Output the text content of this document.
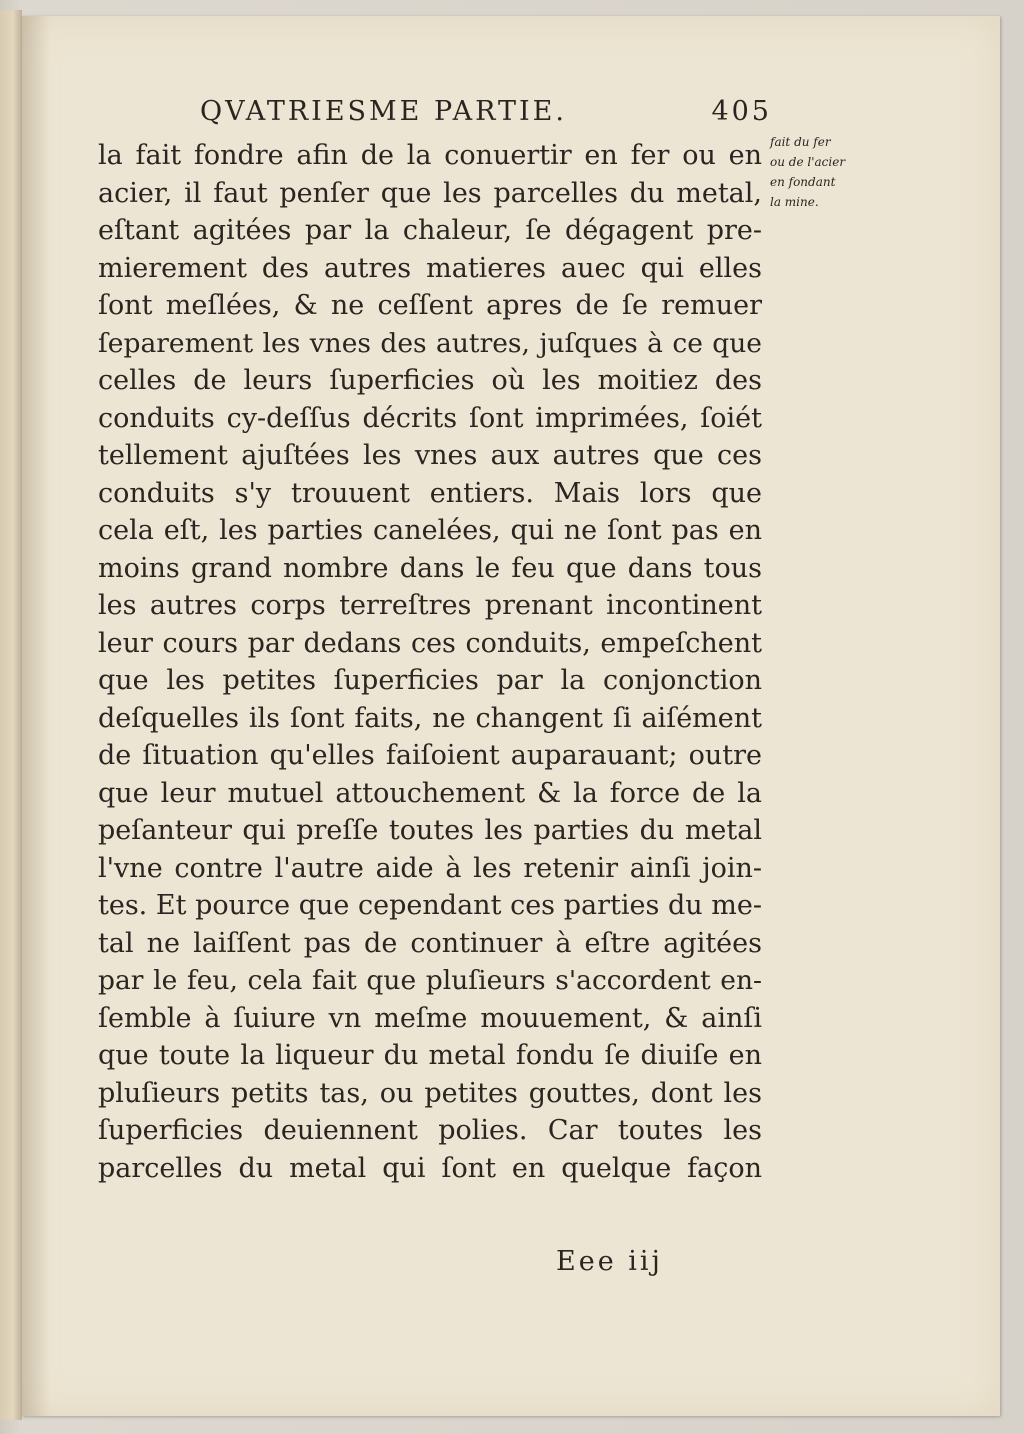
QVATRIESME PARTIE.	405
fait du fer
ou de l'acier
en fondant
la mine.
la fait fondre afin de la conuertir en fer ou en
acier, il faut penſer que les parcelles du metal,
eſtant agitées par la chaleur, ſe dégagent pre-
mierement des autres matieres auec qui elles
ſont meſlées, & ne ceſſent apres de ſe remuer
ſeparement les vnes des autres, juſques à ce que
celles de leurs ſuperficies où les moitiez des
conduits cy-deſſus décrits ſont imprimées, ſoiét
tellement ajuſtées les vnes aux autres que ces
conduits s'y trouuent entiers. Mais lors que
cela eſt, les parties canelées, qui ne ſont pas en
moins grand nombre dans le feu que dans tous
les autres corps terreſtres prenant incontinent
leur cours par dedans ces conduits, empeſchent
que les petites ſuperficies par la conjonction
deſquelles ils ſont faits, ne changent ſi aiſément
de ſituation qu'elles faiſoient auparauant; outre
que leur mutuel attouchement & la force de la
peſanteur qui preſſe toutes les parties du metal
l'vne contre l'autre aide à les retenir ainſi join-
tes. Et pource que cependant ces parties du me-
tal ne laiſſent pas de continuer à eſtre agitées
par le feu, cela fait que pluſieurs s'accordent en-
ſemble à ſuiure vn meſme mouuement, & ainſi
que toute la liqueur du metal fondu ſe diuiſe en
pluſieurs petits tas, ou petites gouttes, dont les
ſuperficies deuiennent polies. Car toutes les
parcelles du metal qui ſont en quelque façon
Eee iij
